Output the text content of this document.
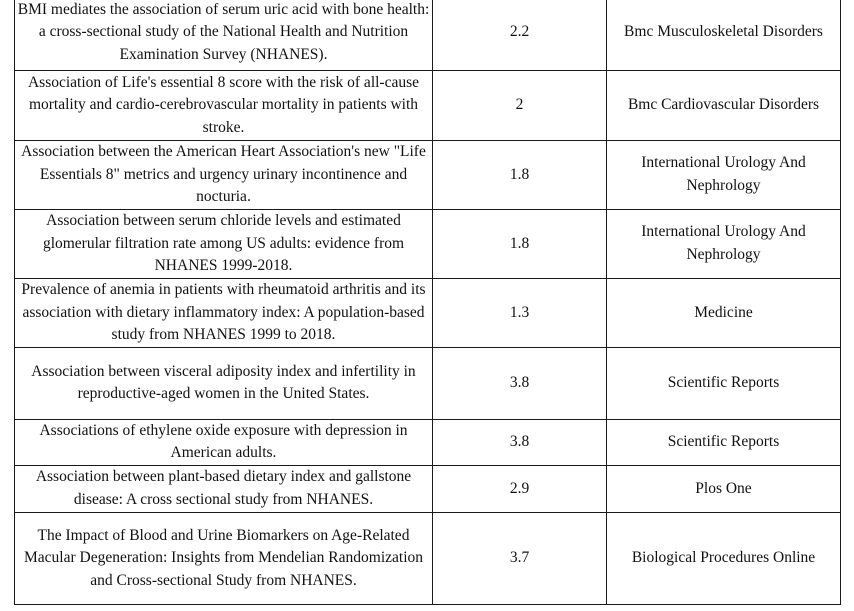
BMI mediates the association of serum uric acid with bone health: a cross-sectional study of the National Health and Nutrition Examination Survey (NHANES).	2.2	Bmc Musculoskeletal Disorders
Association of Life's essential 8 score with the risk of all-cause mortality and cardio-cerebrovascular mortality in patients with stroke.	2	Bmc Cardiovascular Disorders
Association between the American Heart Association's new "Life Essentials 8" metrics and urgency urinary incontinence and nocturia.	1.8	International Urology And Nephrology
Association between serum chloride levels and estimated glomerular filtration rate among US adults: evidence from NHANES 1999-2018.	1.8	International Urology And Nephrology
Prevalence of anemia in patients with rheumatoid arthritis and its association with dietary inflammatory index: A population-based study from NHANES 1999 to 2018.	1.3	Medicine
Association between visceral adiposity index and infertility in reproductive-aged women in the United States.	3.8	Scientific Reports
Associations of ethylene oxide exposure with depression in American adults.	3.8	Scientific Reports
Association between plant-based dietary index and gallstone disease: A cross sectional study from NHANES.	2.9	Plos One
The Impact of Blood and Urine Biomarkers on Age-Related Macular Degeneration: Insights from Mendelian Randomization and Cross-sectional Study from NHANES.	3.7	Biological Procedures Online
